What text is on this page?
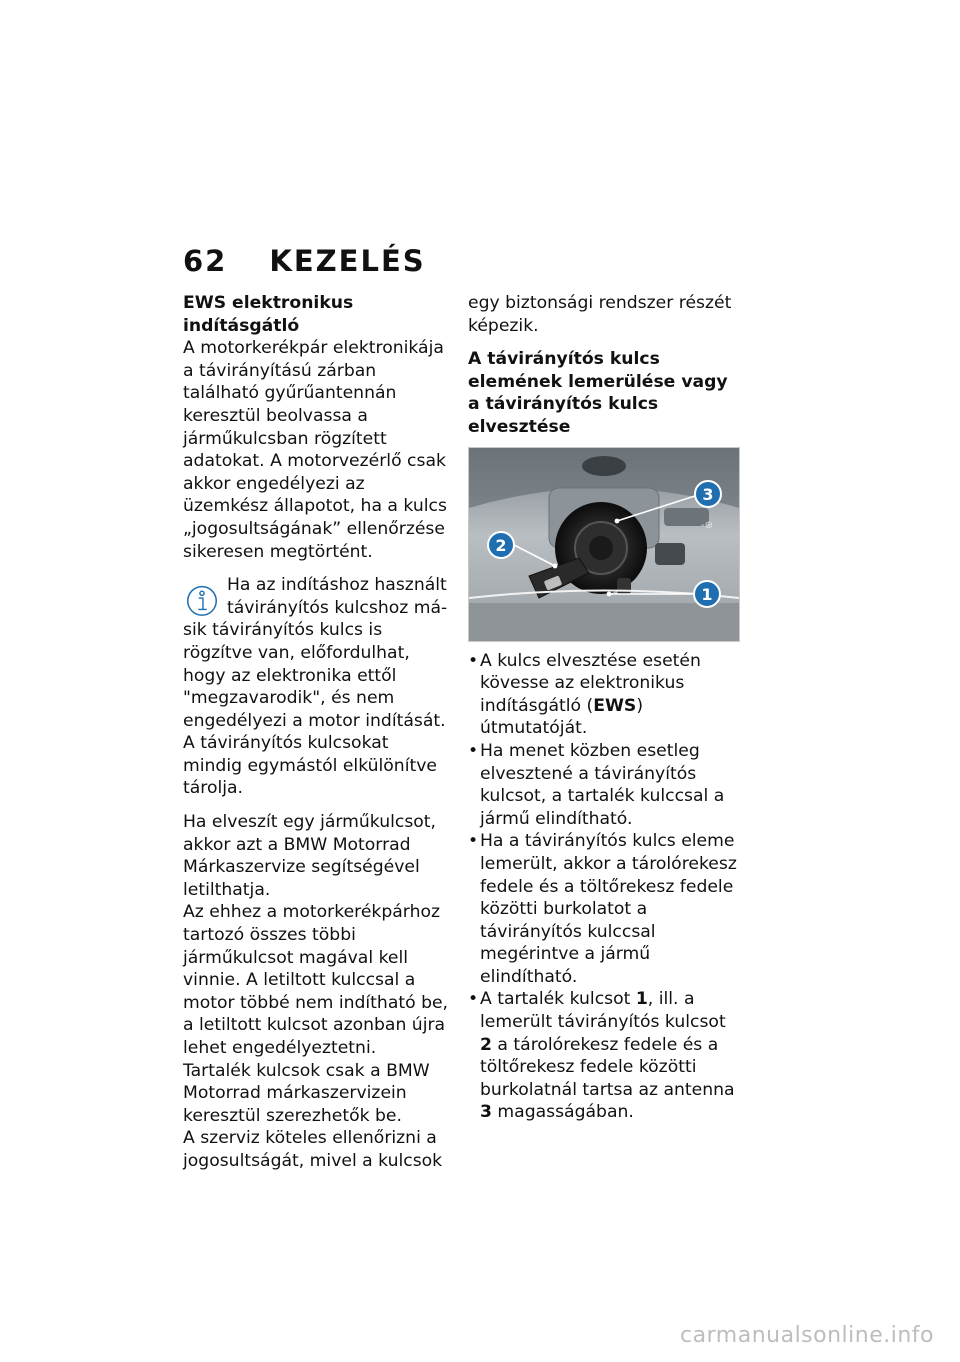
62 KEZELÉS

EWS elektronikus indításgátló

A motorkerékpár elektronikája a távirányítású zárban található gyűrűantennán keresztül beolvassa a járműkulcsban rögzített adatokat. A motorvezérlő csak akkor engedélyezi az üzemkész állapotot, ha a kulcs „jogosultságának” ellenőrzése sikeresen megtörtént.

Ha az indításhoz használt

távirányítós kulcshoz má-

sik távirányítós kulcs is rögzítve van, előfordulhat, hogy az elektronika ettől "megzavarodik", és nem engedélyezi a motor indítását.

A távirányítós kulcsokat mindig egymástól elkülönítve tárolja.

Ha elveszít egy járműkulcsot, akkor azt a BMW Motorrad Márkaszervize segítségével letilthatja.

Az ehhez a motorkerékpárhoz tartozó összes többi járműkulcsot magával kell vinnie. A letiltott kulccsal a motor többé nem indítható be, a letiltott kulcsot azonban újra lehet engedélyeztetni.

Tartalék kulcsok csak a BMW Motorrad márkaszervizein keresztül szerezhetők be.

A szerviz köteles ellenőrizni a jogosultságát, mivel a kulcsok

egy biztonsági rendszer részét képezik.

A távirányítós kulcs elemének lemerülése vagy a távirányítós kulcs elvesztése

-⊕
3
2
1
• A kulcs elvesztése esetén kövesse az elektronikus indításgátló (EWS) útmutatóját.
• Ha menet közben esetleg elvesztené a távirányítós kulcsot, a tartalék kulccsal a jármű elindítható.
• Ha a távirányítós kulcs eleme lemerült, akkor a tárolórekesz fedele és a töltőrekesz fedele közötti burkolatot a távirányítós kulccsal megérintve a jármű elindítható.
• A tartalék kulcsot 1, ill. a lemerült távirányítós kulcsot 2 a tárolórekesz fedele és a töltőrekesz fedele közötti burkolatnál tartsa az antenna 3 magasságában.
carmanualsonline.info
